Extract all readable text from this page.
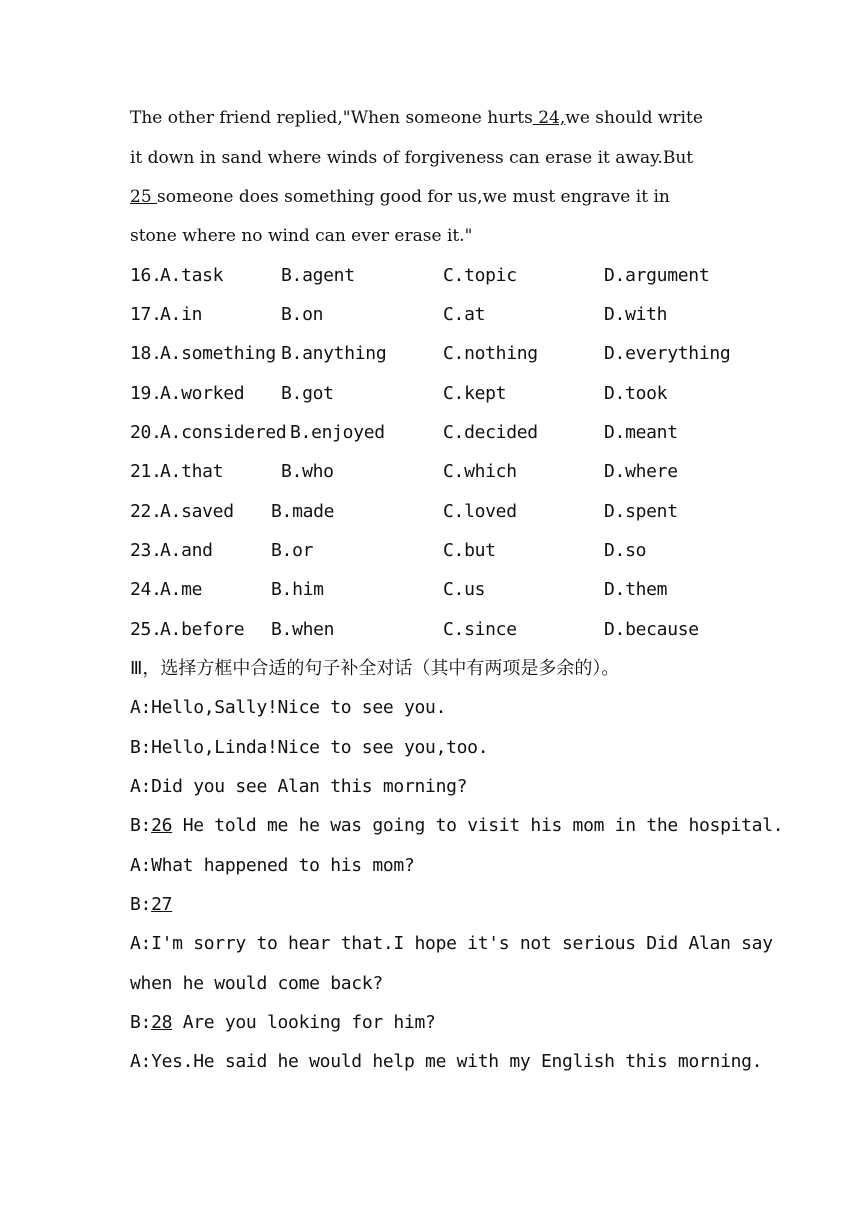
The other friend replied,"When someone hurts 24,we should write
it down in sand where winds of forgiveness can erase it away.But
25 someone does something good for us,we must engrave it in
stone where no wind can ever erase it."
16.
A.task	B.agent	C.topic	D.argument
17.
A.in	B.on	C.at	D.with
18.
A.something B.anything	C.nothing	D.everything
19.
A.worked B.got	C.kept	D.took
20.
A.considered B.enjoyed	C.decided	D.meant
21.
A.that	B.who	C.which	D.where
22.
A.saved B.made	C.loved	D.spent
23.
A.and	B.or	C.but	D.so
24.
A.me	B.him	C.us	D.them
25.
A.before B.when	C.since	D.because
Ⅲ，选择方框中合适的句子补全对话（其中有两项是多余的）。
A:Hello,Sally!Nice to see you.
B:Hello,Linda!Nice to see you,too.
A:Did you see Alan this morning?
B:26 He told me he was going to visit his mom in the hospital.
A:What happened to his mom?
B:27
A:I'm sorry to hear that.I hope it's not serious Did Alan say
when he would come back?
B:28 Are you looking for him?
A:Yes.He said he would help me with my English this morning.
